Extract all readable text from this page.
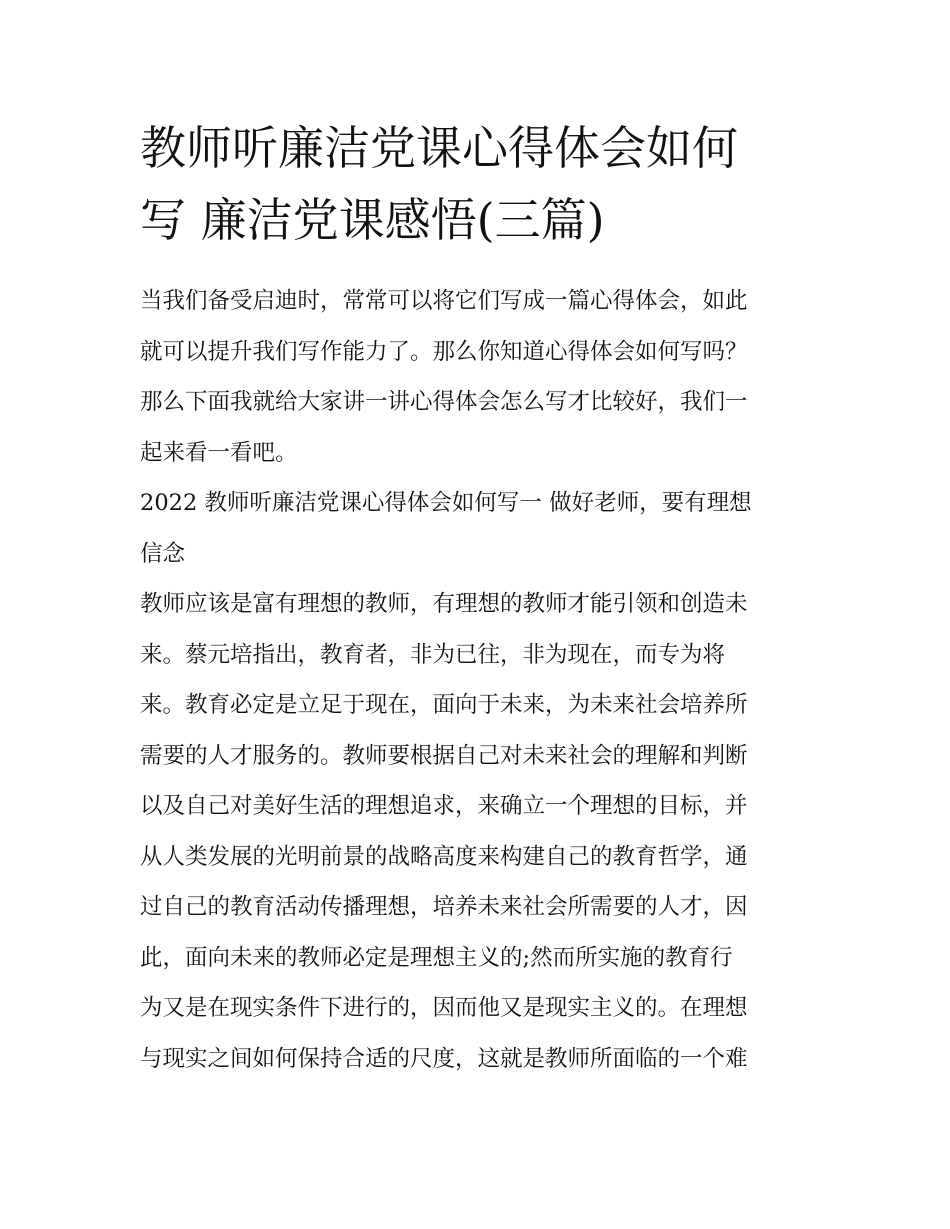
教师听廉洁党课心得体会如何
写 廉洁党课感悟(三篇)

当我们备受启迪时，常常可以将它们写成一篇心得体会，如此
就可以提升我们写作能力了。那么你知道心得体会如何写吗？
那么下面我就给大家讲一讲心得体会怎么写才比较好，我们一
起来看一看吧。

2022 教师听廉洁党课心得体会如何写一 做好老师，要有理想
信念

教师应该是富有理想的教师，有理想的教师才能引领和创造未
来。蔡元培指出，教育者，非为已往，非为现在，而专为将
来。教育必定是立足于现在，面向于未来，为未来社会培养所
需要的人才服务的。教师要根据自己对未来社会的理解和判断
以及自己对美好生活的理想追求，来确立一个理想的目标，并
从人类发展的光明前景的战略高度来构建自己的教育哲学，通
过自己的教育活动传播理想，培养未来社会所需要的人才，因
此，面向未来的教师必定是理想主义的;然而所实施的教育行
为又是在现实条件下进行的，因而他又是现实主义的。在理想
与现实之间如何保持合适的尺度，这就是教师所面临的一个难
